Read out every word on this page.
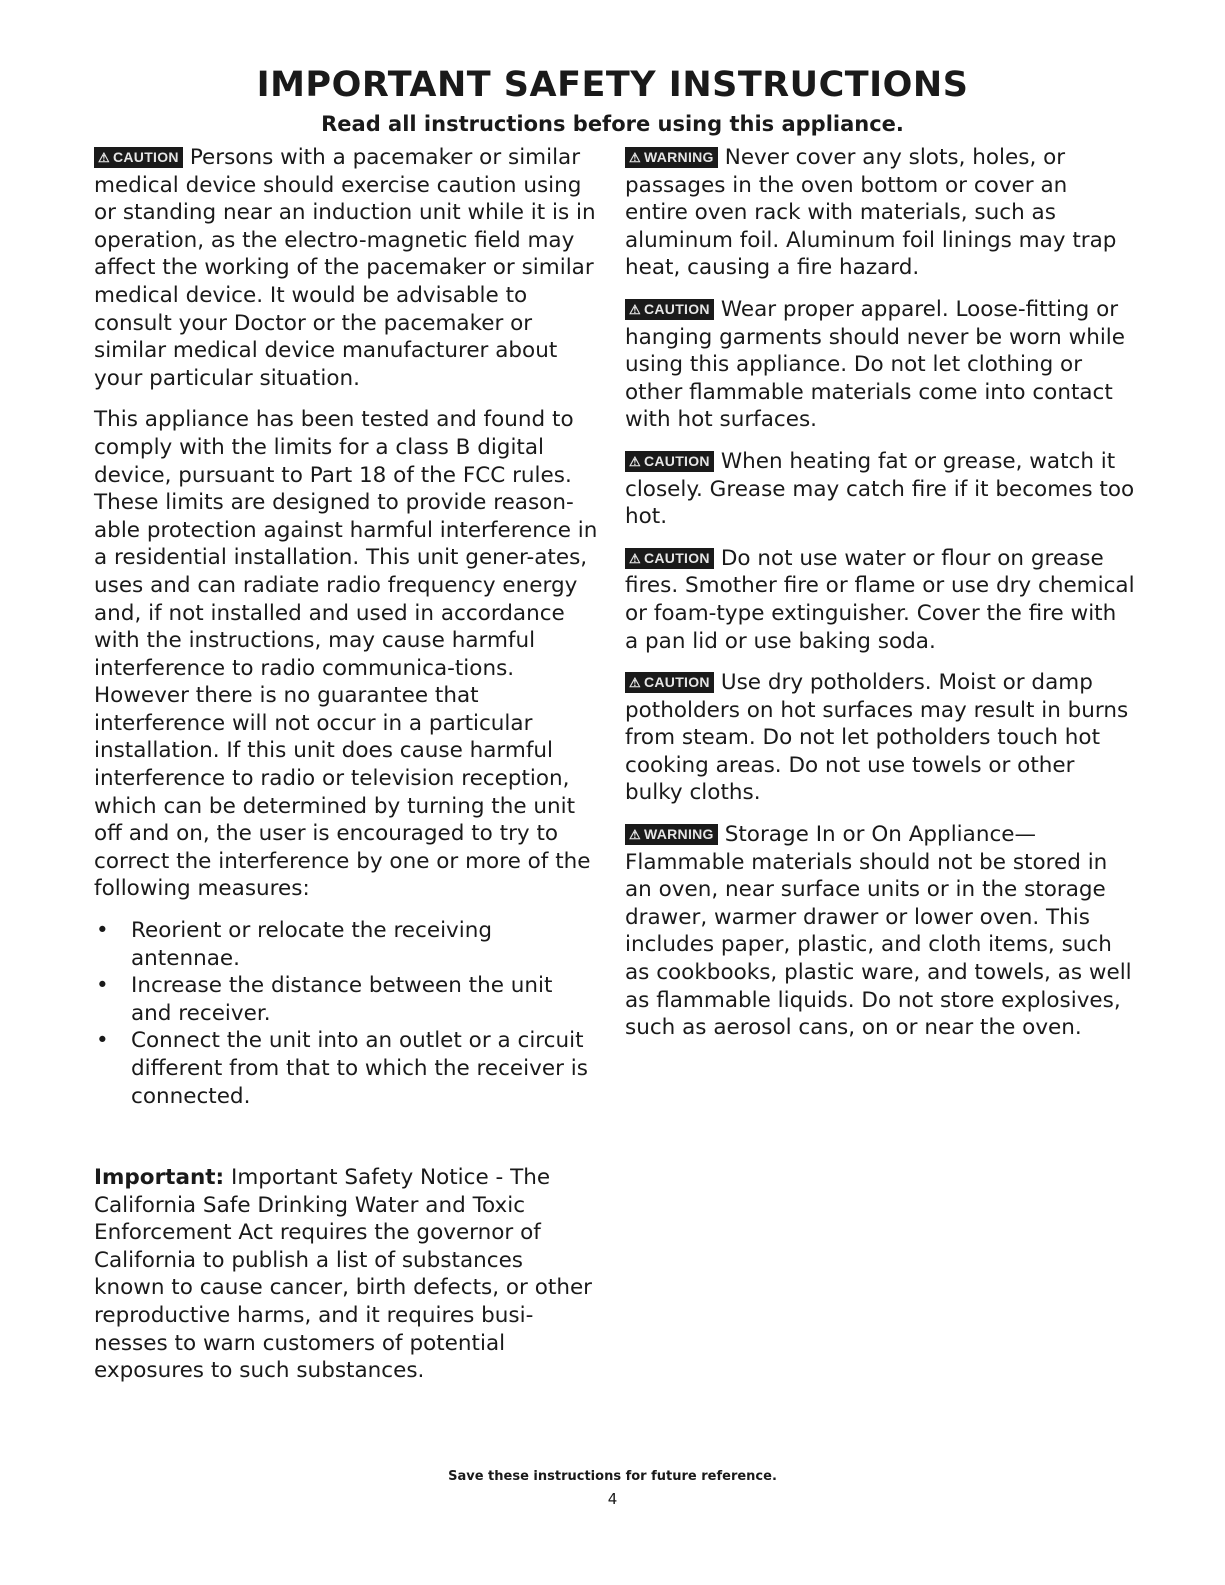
IMPORTANT SAFETY INSTRUCTIONS
Read all instructions before using this appliance.

⚠ CAUTION Persons with a pacemaker or similar medical device should exercise caution using or standing near an induction unit while it is in operation, as the electro-magnetic field may affect the working of the pacemaker or similar medical device. It would be advisable to consult your Doctor or the pacemaker or similar medical device manufacturer about your particular situation.

This appliance has been tested and found to comply with the limits for a class B digital device, pursuant to Part 18 of the FCC rules. These limits are designed to provide reason-able protection against harmful interference in a residential installation. This unit gener-ates, uses and can radiate radio frequency energy and, if not installed and used in accordance with the instructions, may cause harmful interference to radio communica-tions. However there is no guarantee that interference will not occur in a particular installation. If this unit does cause harmful interference to radio or television reception, which can be determined by turning the unit off and on, the user is encouraged to try to correct the interference by one or more of the following measures:

• Reorient or relocate the receiving antennae.
• Increase the distance between the unit and receiver.
• Connect the unit into an outlet or a circuit different from that to which the receiver is connected.

Important: Important Safety Notice - The California Safe Drinking Water and Toxic Enforcement Act requires the governor of California to publish a list of substances known to cause cancer, birth defects, or other reproductive harms, and it requires busi-nesses to warn customers of potential exposures to such substances.

⚠ WARNING Never cover any slots, holes, or passages in the oven bottom or cover an entire oven rack with materials, such as aluminum foil. Aluminum foil linings may trap heat, causing a fire hazard.

⚠ CAUTION Wear proper apparel. Loose-fitting or hanging garments should never be worn while using this appliance. Do not let clothing or other flammable materials come into contact with hot surfaces.

⚠ CAUTION When heating fat or grease, watch it closely. Grease may catch fire if it becomes too hot.

⚠ CAUTION Do not use water or flour on grease fires. Smother fire or flame or use dry chemical or foam-type extinguisher. Cover the fire with a pan lid or use baking soda.

⚠ CAUTION Use dry potholders. Moist or damp potholders on hot surfaces may result in burns from steam. Do not let potholders touch hot cooking areas. Do not use towels or other bulky cloths.

⚠ WARNING Storage In or On Appliance— Flammable materials should not be stored in an oven, near surface units or in the storage drawer, warmer drawer or lower oven. This includes paper, plastic, and cloth items, such as cookbooks, plastic ware, and towels, as well as flammable liquids. Do not store explosives, such as aerosol cans, on or near the oven.

Save these instructions for future reference.

4
